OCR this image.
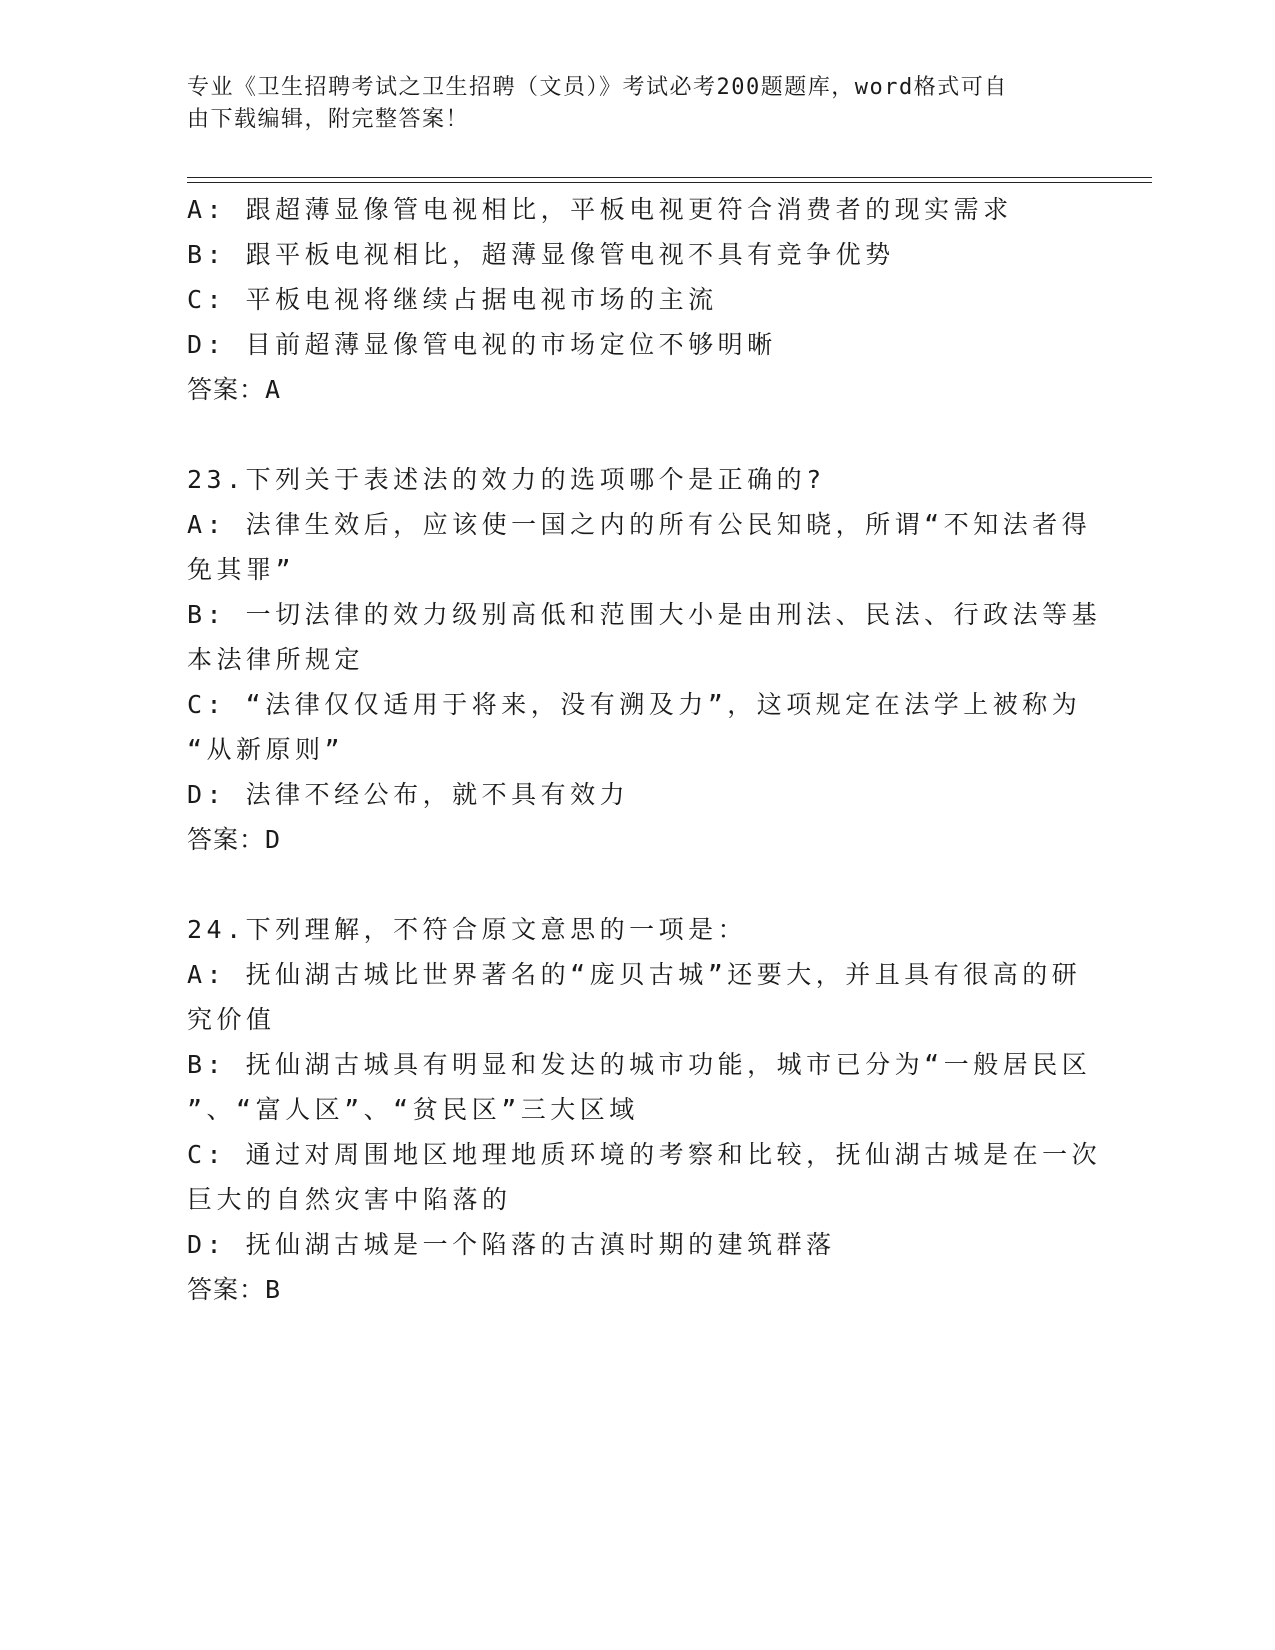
专业《卫生招聘考试之卫生招聘（文员）》考试必考200题题库，word格式可自
由下载编辑，附完整答案！
A: 跟超薄显像管电视相比，平板电视更符合消费者的现实需求
B: 跟平板电视相比，超薄显像管电视不具有竞争优势
C: 平板电视将继续占据电视市场的主流
D: 目前超薄显像管电视的市场定位不够明晰
答案：A
23.下列关于表述法的效力的选项哪个是正确的?
A: 法律生效后，应该使一国之内的所有公民知晓，所谓“不知法者得
免其罪”
B: 一切法律的效力级别高低和范围大小是由刑法、民法、行政法等基
本法律所规定
C: “法律仅仅适用于将来，没有溯及力”，这项规定在法学上被称为
“从新原则”
D: 法律不经公布，就不具有效力
答案：D
24.下列理解，不符合原文意思的一项是：
A: 抚仙湖古城比世界著名的“庞贝古城”还要大，并且具有很高的研
究价值
B: 抚仙湖古城具有明显和发达的城市功能，城市已分为“一般居民区
”、“富人区”、“贫民区”三大区域
C: 通过对周围地区地理地质环境的考察和比较，抚仙湖古城是在一次
巨大的自然灾害中陷落的
D: 抚仙湖古城是一个陷落的古滇时期的建筑群落
答案：B
